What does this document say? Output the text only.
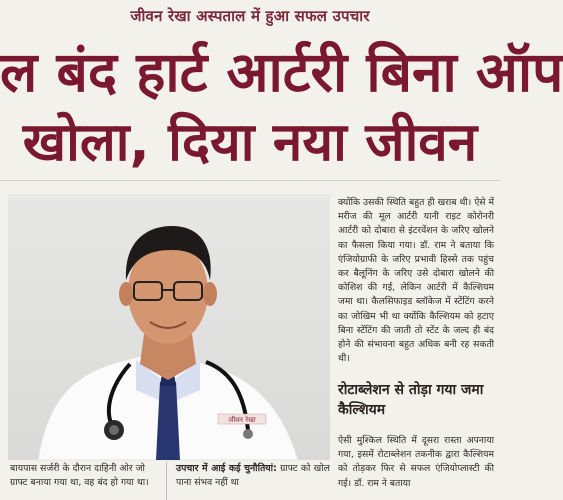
जीवन रेखा अस्पताल में हुआ सफल उपचार
ल बंद हार्ट आर्टरी बिना ऑप
खोला, दिया नया जीवन
जीवन रेखा
क्योंकि उसकी स्थिति बहुत ही खराब थी। ऐसे में मरीज की मूल आर्टरी यानी राइट कोरोनरी आर्टरी को दोबारा से इंटरवेंशन के जरिए खोलने का फैसला किया गया। डॉ. राम ने बताया कि एंजियोग्राफी के जरिए प्रभावी हिस्से तक पहुंच कर बैलूनिंग के जरिए उसे दोबारा खोलने की कोशिश की गई, लेकिन आर्टरी में कैल्शियम जमा था। कैलसिफाइड ब्लॉकेज में स्टेंटिंग करने का जोखिम भी था क्योंकि कैल्शियम को हटाए बिना स्टेंटिंग की जाती तो स्टेंट के जल्द ही बंद होने की संभावना बहुत अधिक बनी रह सकती थी।
रोटाब्लेशन से तोड़ा गया जमा कैल्शियम
ऐसी मुश्किल स्थिति में दूसरा रास्ता अपनाया गया, इसमें रोटाब्लेशन तकनीक द्वारा कैल्शियम को तोड़कर फिर से सफल एंजियोप्लास्टी की गई। डॉ. राम ने बताया
बायपास सर्जरी के दौरान दाहिनी ओर जो ग्राफ्ट बनाया गया था, वह बंद हो गया था।
उपचार में आई कई चुनौतियां: ग्राफ्ट को खोल पाना संभव नहीं था
